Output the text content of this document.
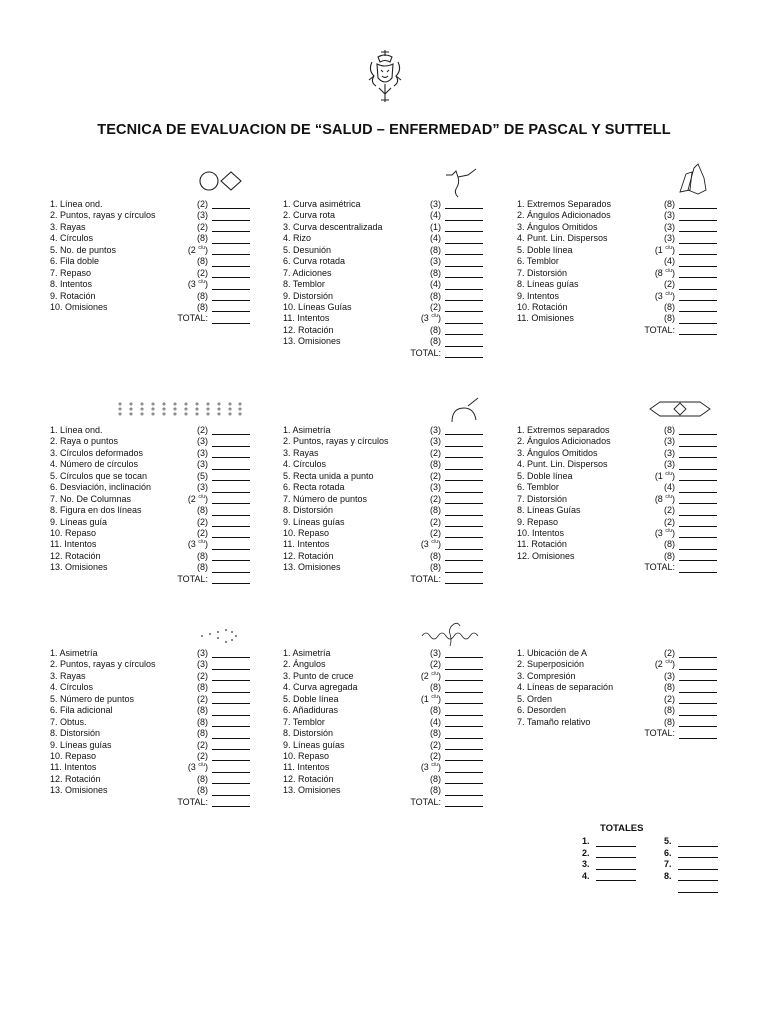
TECNICA DE EVALUACION DE “SALUD – ENFERMEDAD” DE PASCAL Y SUTTELL
1. Línea ond.	(2)
2. Puntos, rayas y círculos	(3)
3. Rayas	(2)
4. Círculos	(8)
5. No. de puntos	(2 $^{c/u}$)
6. Fila doble	(8)
7. Repaso	(2)
8. Intentos	(3 $^{c/u}$)
9. Rotación	(8)
10. Omisiones	(8)
TOTAL:
1. Curva asimétrica	(3)
2. Curva rota	(4)
3. Curva descentralizada	(1)
4. Rizo	(4)
5. Desunión	(8)
6. Curva rotada	(3)
7. Adiciones	(8)
8. Temblor	(4)
9. Distorsión	(8)
10. Líneas Guías	(2)
11. Intentos	(3 $^{c/u}$)
12. Rotación	(8)
13. Omisiones	(8)
TOTAL:
1. Extremos Separados	(8)
2. Ángulos Adicionados	(3)
3. Ángulos Omitidos	(3)
4. Punt. Lin. Dispersos	(3)
5. Doble línea	(1 $^{c/u}$)
6. Temblor	(4)
7. Distorsión	(8 $^{c/u}$)
8. Líneas guías	(2)
9. Intentos	(3 $^{c/u}$)
10. Rotación	(8)
11. Omisiones	(8)
TOTAL:
1. Línea ond.	(2)
2. Raya o puntos	(3)
3. Círculos deformados	(3)
4. Número de círculos	(3)
5. Círculos que se tocan	(5)
6. Desviación, inclinación	(3)
7. No. De Columnas	(2 $^{c/u}$)
8. Figura en dos líneas	(8)
9. Líneas guía	(2)
10. Repaso	(2)
11. Intentos	(3 $^{c/u}$)
12. Rotación	(8)
13. Omisiones	(8)
TOTAL:
1. Asimetría	(3)
2. Puntos, rayas y círculos	(3)
3. Rayas	(2)
4. Círculos	(8)
5. Recta unida a punto	(2)
6. Recta rotada	(3)
7. Número de puntos	(2)
8. Distorsión	(8)
9. Líneas guías	(2)
10. Repaso	(2)
11. Intentos	(3 $^{c/u}$)
12. Rotación	(8)
13. Omisiones	(8)
TOTAL:
1. Extremos separados	(8)
2. Ángulos Adicionados	(3)
3. Ángulos Omitidos	(3)
4. Punt. Lin. Dispersos	(3)
5. Doble línea	(1 $^{c/u}$)
6. Temblor	(4)
7. Distorsión	(8 $^{c/u}$)
8. Líneas Guías	(2)
9. Repaso	(2)
10. Intentos	(3 $^{c/u}$)
11. Rotación	(8)
12. Omisiones	(8)
TOTAL:
1. Asimetría	(3)
2. Puntos, rayas y círculos	(3)
3. Rayas	(2)
4. Círculos	(8)
5. Número de puntos	(2)
6. Fila adicional	(8)
7. Obtus.	(8)
8. Distorsión	(8)
9. Líneas guías	(2)
10. Repaso	(2)
11. Intentos	(3 $^{c/u}$)
12. Rotación	(8)
13. Omisiones	(8)
TOTAL:
1. Asimetría	(3)
2. Ángulos	(2)
3. Punto de cruce	(2 $^{c/u}$)
4. Curva agregada	(8)
5. Doble línea	(1 $^{c/u}$)
6. Añadiduras	(8)
7. Temblor	(4)
8. Distorsión	(8)
9. Líneas guías	(2)
10. Repaso	(2)
11. Intentos	(3 $^{c/u}$)
12. Rotación	(8)
13. Omisiones	(8)
TOTAL:
1. Ubicación de A	(2)
2. Superposición	(2 $^{c/u}$)
3. Compresión	(3)
4. Líneas de separación	(8)
5. Orden	(2)
6. Desorden	(8)
7. Tamaño relativo	(8)
TOTAL:
TOTALES
1.
2.
3.
4.
5.
6.
7.
8.
